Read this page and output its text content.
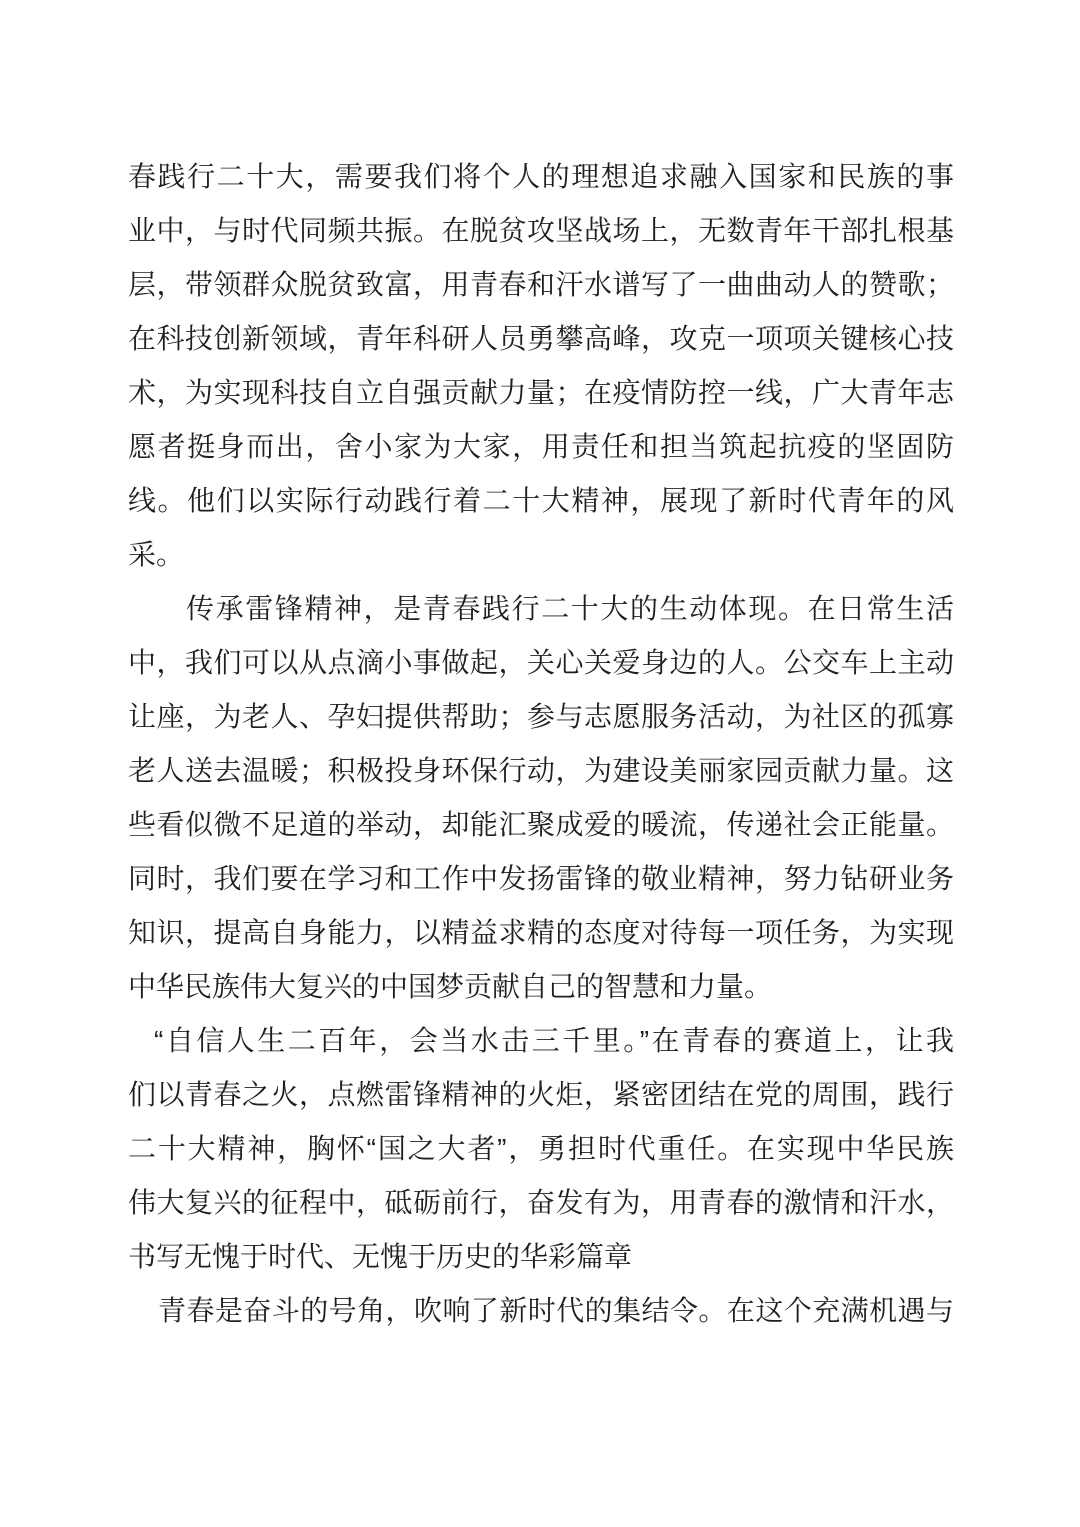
春践行二十大，需要我们将个人的理想追求融入国家和民族的事
业中，与时代同频共振。在脱贫攻坚战场上，无数青年干部扎根基
层，带领群众脱贫致富，用青春和汗水谱写了一曲曲动人的赞歌；
在科技创新领域，青年科研人员勇攀高峰，攻克一项项关键核心技
术，为实现科技自立自强贡献力量；在疫情防控一线，广大青年志
愿者挺身而出，舍小家为大家，用责任和担当筑起抗疫的坚固防
线。他们以实际行动践行着二十大精神，展现了新时代青年的风
采。
传承雷锋精神，是青春践行二十大的生动体现。在日常生活
中，我们可以从点滴小事做起，关心关爱身边的人。公交车上主动
让座，为老人、孕妇提供帮助；参与志愿服务活动，为社区的孤寡
老人送去温暖；积极投身环保行动，为建设美丽家园贡献力量。这
些看似微不足道的举动，却能汇聚成爱的暖流，传递社会正能量。
同时，我们要在学习和工作中发扬雷锋的敬业精神，努力钻研业务
知识，提高自身能力，以精益求精的态度对待每一项任务，为实现
中华民族伟大复兴的中国梦贡献自己的智慧和力量。
“自信人生二百年，会当水击三千里。”在青春的赛道上，让我
们以青春之火，点燃雷锋精神的火炬，紧密团结在党的周围，践行
二十大精神，胸怀“国之大者”，勇担时代重任。在实现中华民族
伟大复兴的征程中，砥砺前行，奋发有为，用青春的激情和汗水，
书写无愧于时代、无愧于历史的华彩篇章
青春是奋斗的号角，吹响了新时代的集结令。在这个充满机遇与
